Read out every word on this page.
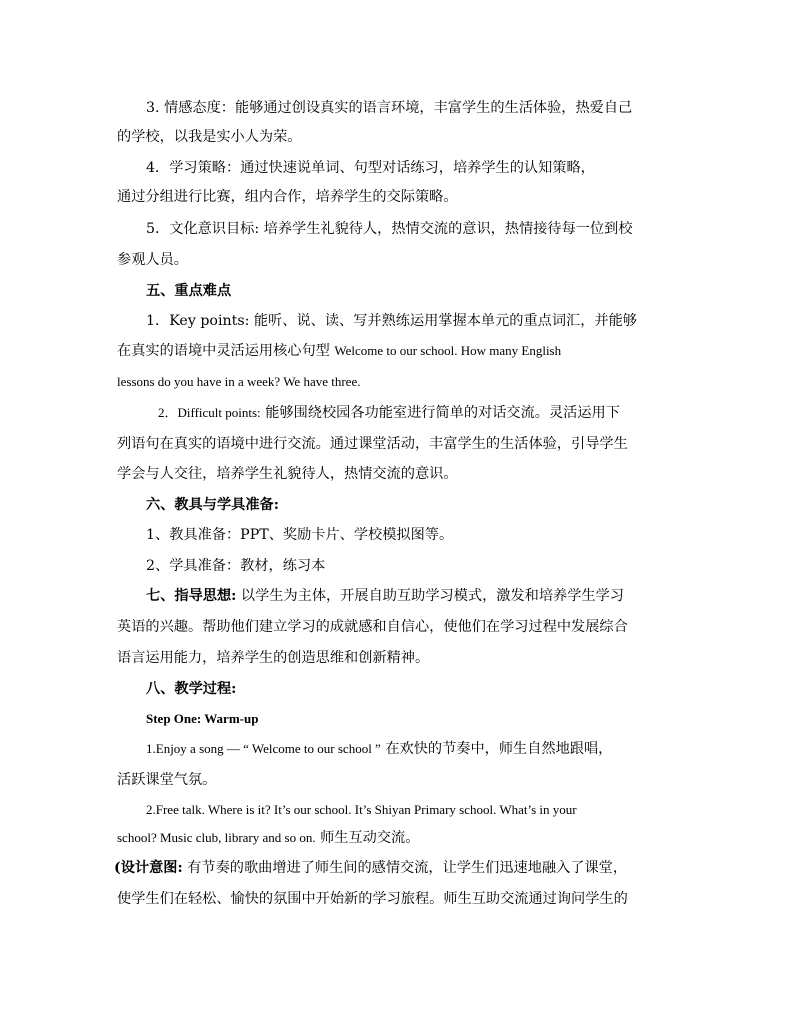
3. 情感态度：能够通过创设真实的语言环境，丰富学生的生活体验，热爱自己
的学校，以我是实小人为荣。
4．学习策略：通过快速说单词、句型对话练习，培养学生的认知策略，
通过分组进行比赛，组内合作，培养学生的交际策略。
5．文化意识目标: 培养学生礼貌待人，热情交流的意识，热情接待每一位到校
参观人员。
五、重点难点
1．Key points: 能听、说、读、写并熟练运用掌握本单元的重点词汇，并能够
在真实的语境中灵活运用核心句型 Welcome to our school. How many English
lessons do you have in a week? We have three.
2．Difficult points: 能够围绕校园各功能室进行简单的对话交流。灵活运用下
列语句在真实的语境中进行交流。通过课堂活动，丰富学生的生活体验，引导学生
学会与人交往，培养学生礼貌待人，热情交流的意识。
六、教具与学具准备:
1、教具准备：PPT、奖励卡片、学校模拟图等。
2、学具准备：教材，练习本
七、指导思想: 以学生为主体，开展自助互助学习模式，激发和培养学生学习
英语的兴趣。帮助他们建立学习的成就感和自信心，使他们在学习过程中发展综合
语言运用能力，培养学生的创造思维和创新精神。
八、教学过程:
Step One: Warm-up
1.Enjoy a song — “ Welcome to our school ” 在欢快的节奏中，师生自然地跟唱，
活跃课堂气氛。
2.Free talk. Where is it? It’s our school. It’s Shiyan Primary school. What’s in your
school? Music club, library and so on. 师生互动交流。
(设计意图: 有节奏的歌曲增进了师生间的感情交流，让学生们迅速地融入了课堂，
使学生们在轻松、愉快的氛围中开始新的学习旅程。师生互助交流通过询问学生的
